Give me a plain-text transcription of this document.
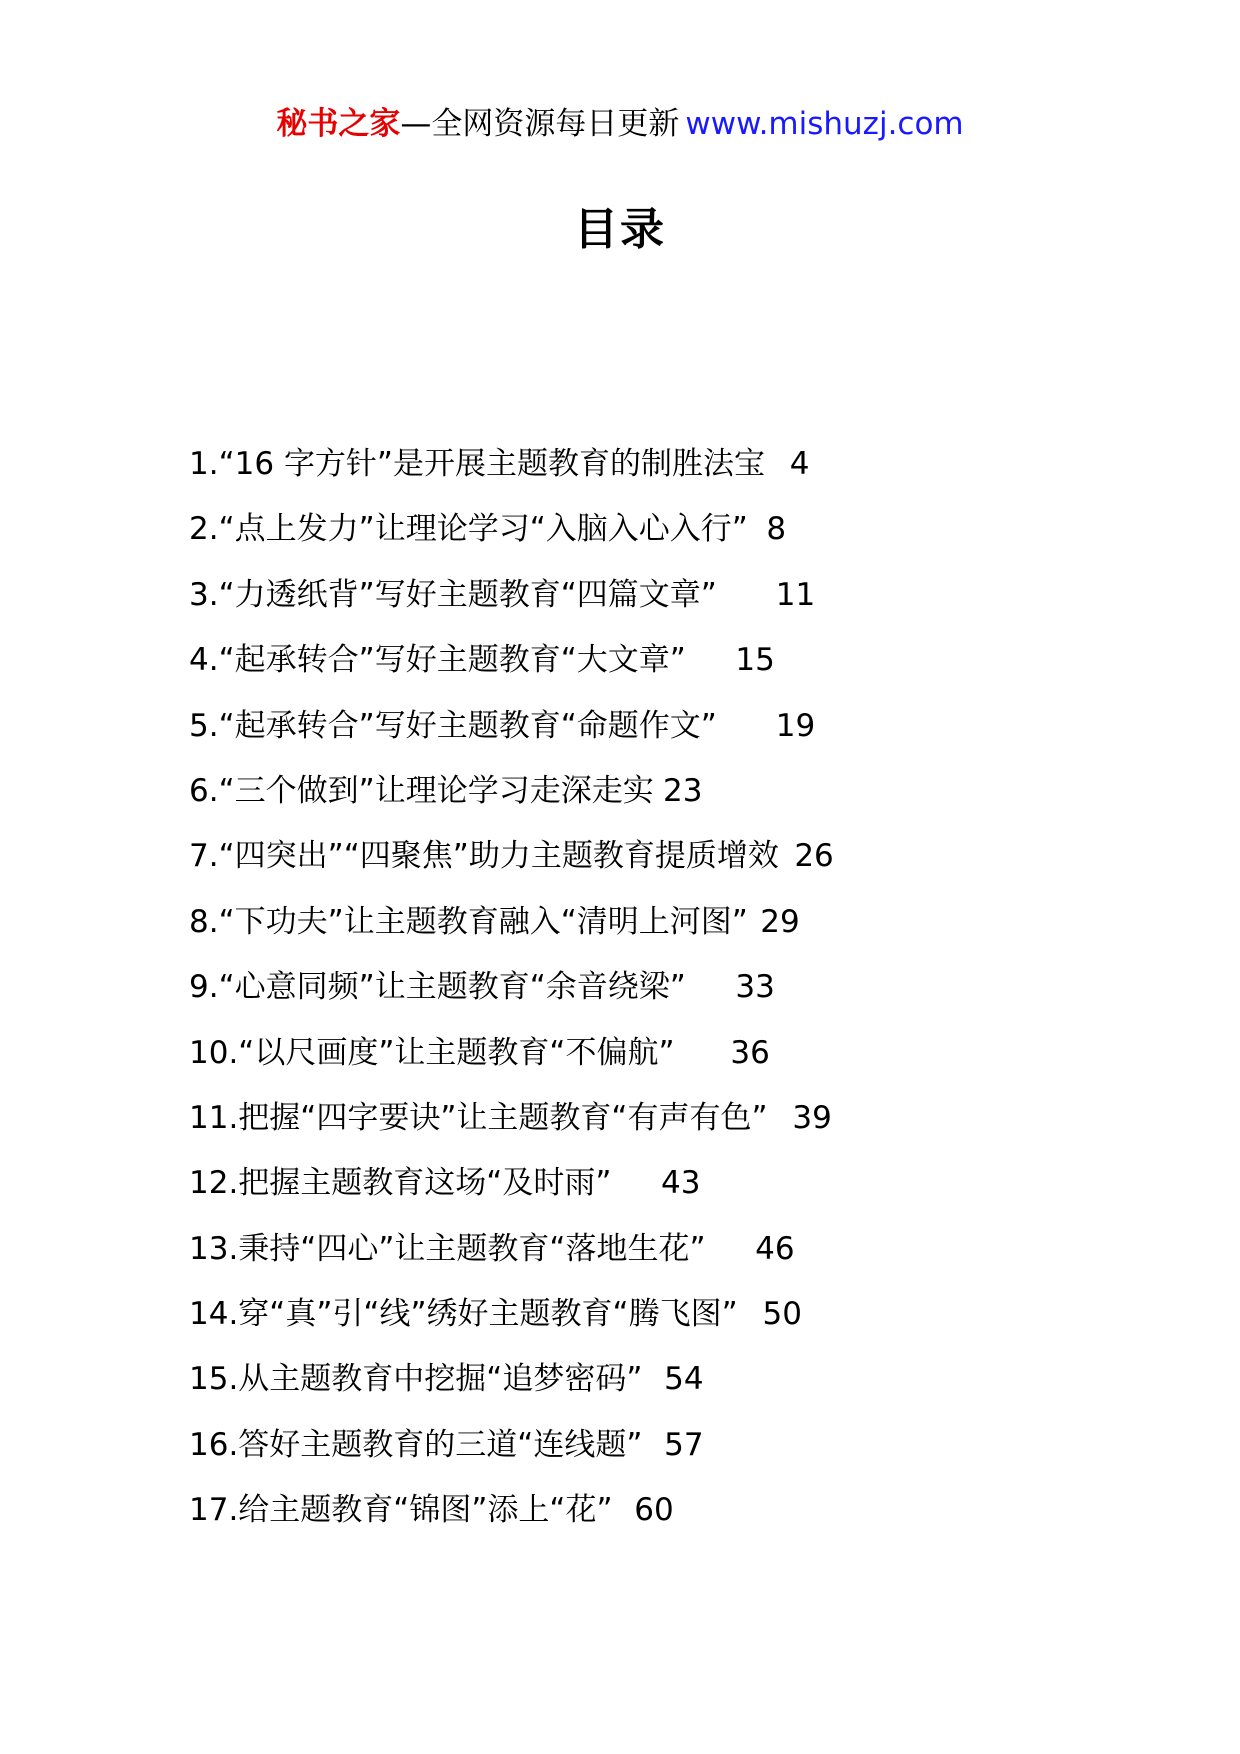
秘书之家—全网资源每日更新 www.mishuzj.com
目录
1.“16 字方针”是开展主题教育的制胜法宝 4
2.“点上发力”让理论学习“入脑入心入行” 8
3.“力透纸背”写好主题教育“四篇文章” 11
4.“起承转合”写好主题教育“大文章” 15
5.“起承转合”写好主题教育“命题作文” 19
6.“三个做到”让理论学习走深走实 23
7.“四突出”“四聚焦”助力主题教育提质增效 26
8.“下功夫”让主题教育融入“清明上河图” 29
9.“心意同频”让主题教育“余音绕梁” 33
10.“以尺画度”让主题教育“不偏航” 36
11.把握“四字要诀”让主题教育“有声有色” 39
12.把握主题教育这场“及时雨” 43
13.秉持“四心”让主题教育“落地生花” 46
14.穿“真”引“线”绣好主题教育“腾飞图” 50
15.从主题教育中挖掘“追梦密码” 54
16.答好主题教育的三道“连线题” 57
17.给主题教育“锦图”添上“花” 60
